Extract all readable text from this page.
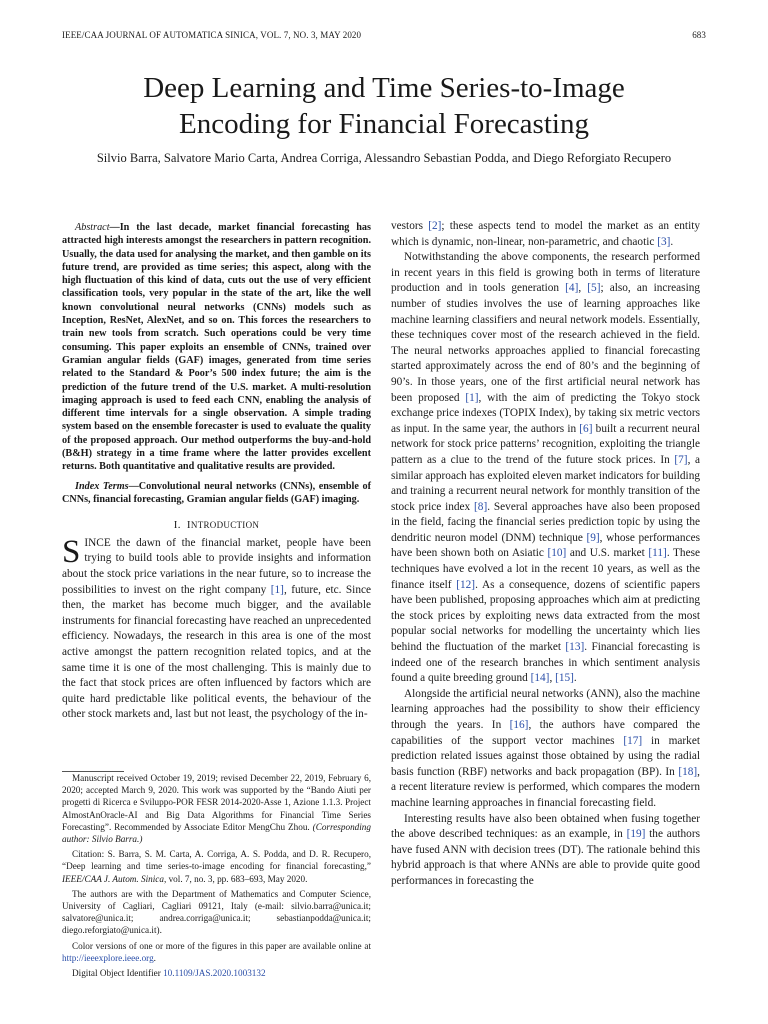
IEEE/CAA JOURNAL OF AUTOMATICA SINICA, VOL. 7, NO. 3, MAY 2020	683
Deep Learning and Time Series-to-Image
Encoding for Financial Forecasting
Silvio Barra, Salvatore Mario Carta, Andrea Corriga, Alessandro Sebastian Podda, and Diego Reforgiato Recupero

Abstract—In the last decade, market financial forecasting has attracted high interests amongst the researchers in pattern recognition. Usually, the data used for analysing the market, and then gamble on its future trend, are provided as time series; this aspect, along with the high fluctuation of this kind of data, cuts out the use of very efficient classification tools, very popular in the state of the art, like the well known convolutional neural networks (CNNs) models such as Inception, ResNet, AlexNet, and so on. This forces the researchers to train new tools from scratch. Such operations could be very time consuming. This paper exploits an ensemble of CNNs, trained over Gramian angular fields (GAF) images, generated from time series related to the Standard & Poor’s 500 index future; the aim is the prediction of the future trend of the U.S. market. A multi-resolution imaging approach is used to feed each CNN, enabling the analysis of different time intervals for a single observation. A simple trading system based on the ensemble forecaster is used to evaluate the quality of the proposed approach. Our method outperforms the buy-and-hold (B&H) strategy in a time frame where the latter provides excellent returns. Both quantitative and qualitative results are provided.

Index Terms—Convolutional neural networks (CNNs), ensemble of CNNs, financial forecasting, Gramian angular fields (GAF) imaging.

I. INTRODUCTION

SINCE the dawn of the financial market, people have been trying to build tools able to provide insights and information about the stock price variations in the near future, so to increase the possibilities to invest on the right company [1], future, etc. Since then, the market has become much bigger, and the available instruments for financial forecasting have reached an unprecedented efficiency. Nowadays, the research in this area is one of the most active amongst the pattern recognition related topics, and at the same time it is one of the most challenging. This is mainly due to the fact that stock prices are often influenced by factors which are quite hard predictable like political events, the behaviour of the other stock markets and, last but not least, the psychology of the in-

Manuscript received October 19, 2019; revised December 22, 2019, February 6, 2020; accepted March 9, 2020. This work was supported by the “Bando Aiuti per progetti di Ricerca e Sviluppo-POR FESR 2014-2020-Asse 1, Azione 1.1.3. Project AlmostAnOracle-AI and Big Data Algorithms for Financial Time Series Forecasting”. Recommended by Associate Editor MengChu Zhou. (Corresponding author: Silvio Barra.)

Citation: S. Barra, S. M. Carta, A. Corriga, A. S. Podda, and D. R. Recupero, “Deep learning and time series-to-image encoding for financial forecasting,” IEEE/CAA J. Autom. Sinica, vol. 7, no. 3, pp. 683–693, May 2020.

The authors are with the Department of Mathematics and Computer Science, University of Cagliari, Cagliari 09121, Italy (e-mail: silvio.barra@unica.it; salvatore@unica.it; andrea.corriga@unica.it; sebastianpodda@unica.it; diego.reforgiato@unica.it).

Color versions of one or more of the figures in this paper are available online at http://ieeexplore.ieee.org.

Digital Object Identifier 10.1109/JAS.2020.1003132

vestors [2]; these aspects tend to model the market as an entity which is dynamic, non-linear, non-parametric, and chaotic [3].

Notwithstanding the above components, the research performed in recent years in this field is growing both in terms of literature production and in tools generation [4], [5]; also, an increasing number of studies involves the use of learning approaches like machine learning classifiers and neural network models. Essentially, these techniques cover most of the research achieved in the field. The neural networks approaches applied to financial forecasting started approximately across the end of 80’s and the beginning of 90’s. In those years, one of the first artificial neural network has been proposed [1], with the aim of predicting the Tokyo stock exchange price indexes (TOPIX Index), by taking six metric vectors as input. In the same year, the authors in [6] built a recurrent neural network for stock price patterns’ recognition, exploiting the triangle pattern as a clue to the trend of the future stock prices. In [7], a similar approach has exploited eleven market indicators for building and training a recurrent neural network for monthly transition of the stock price index [8]. Several approaches have also been proposed in the field, facing the financial series prediction topic by using the dendritic neuron model (DNM) technique [9], whose performances have been shown both on Asiatic [10] and U.S. market [11]. These techniques have evolved a lot in the recent 10 years, as well as the finance itself [12]. As a consequence, dozens of scientific papers have been published, proposing approaches which aim at predicting the stock prices by exploiting news data extracted from the most popular social networks for modelling the uncertainty which lies behind the fluctuation of the market [13]. Financial forecasting is indeed one of the research branches in which sentiment analysis found a quite breeding ground [14], [15].

Alongside the artificial neural networks (ANN), also the machine learning approaches had the possibility to show their efficiency through the years. In [16], the authors have compared the capabilities of the support vector machines [17] in market prediction related issues against those obtained by using the radial basis function (RBF) networks and back propagation (BP). In [18], a recent literature review is performed, which compares the modern machine learning approaches in financial forecasting field.

Interesting results have also been obtained when fusing together the above described techniques: as an example, in [19] the authors have fused ANN with decision trees (DT). The rationale behind this hybrid approach is that where ANNs are able to provide quite good performances in forecasting the
